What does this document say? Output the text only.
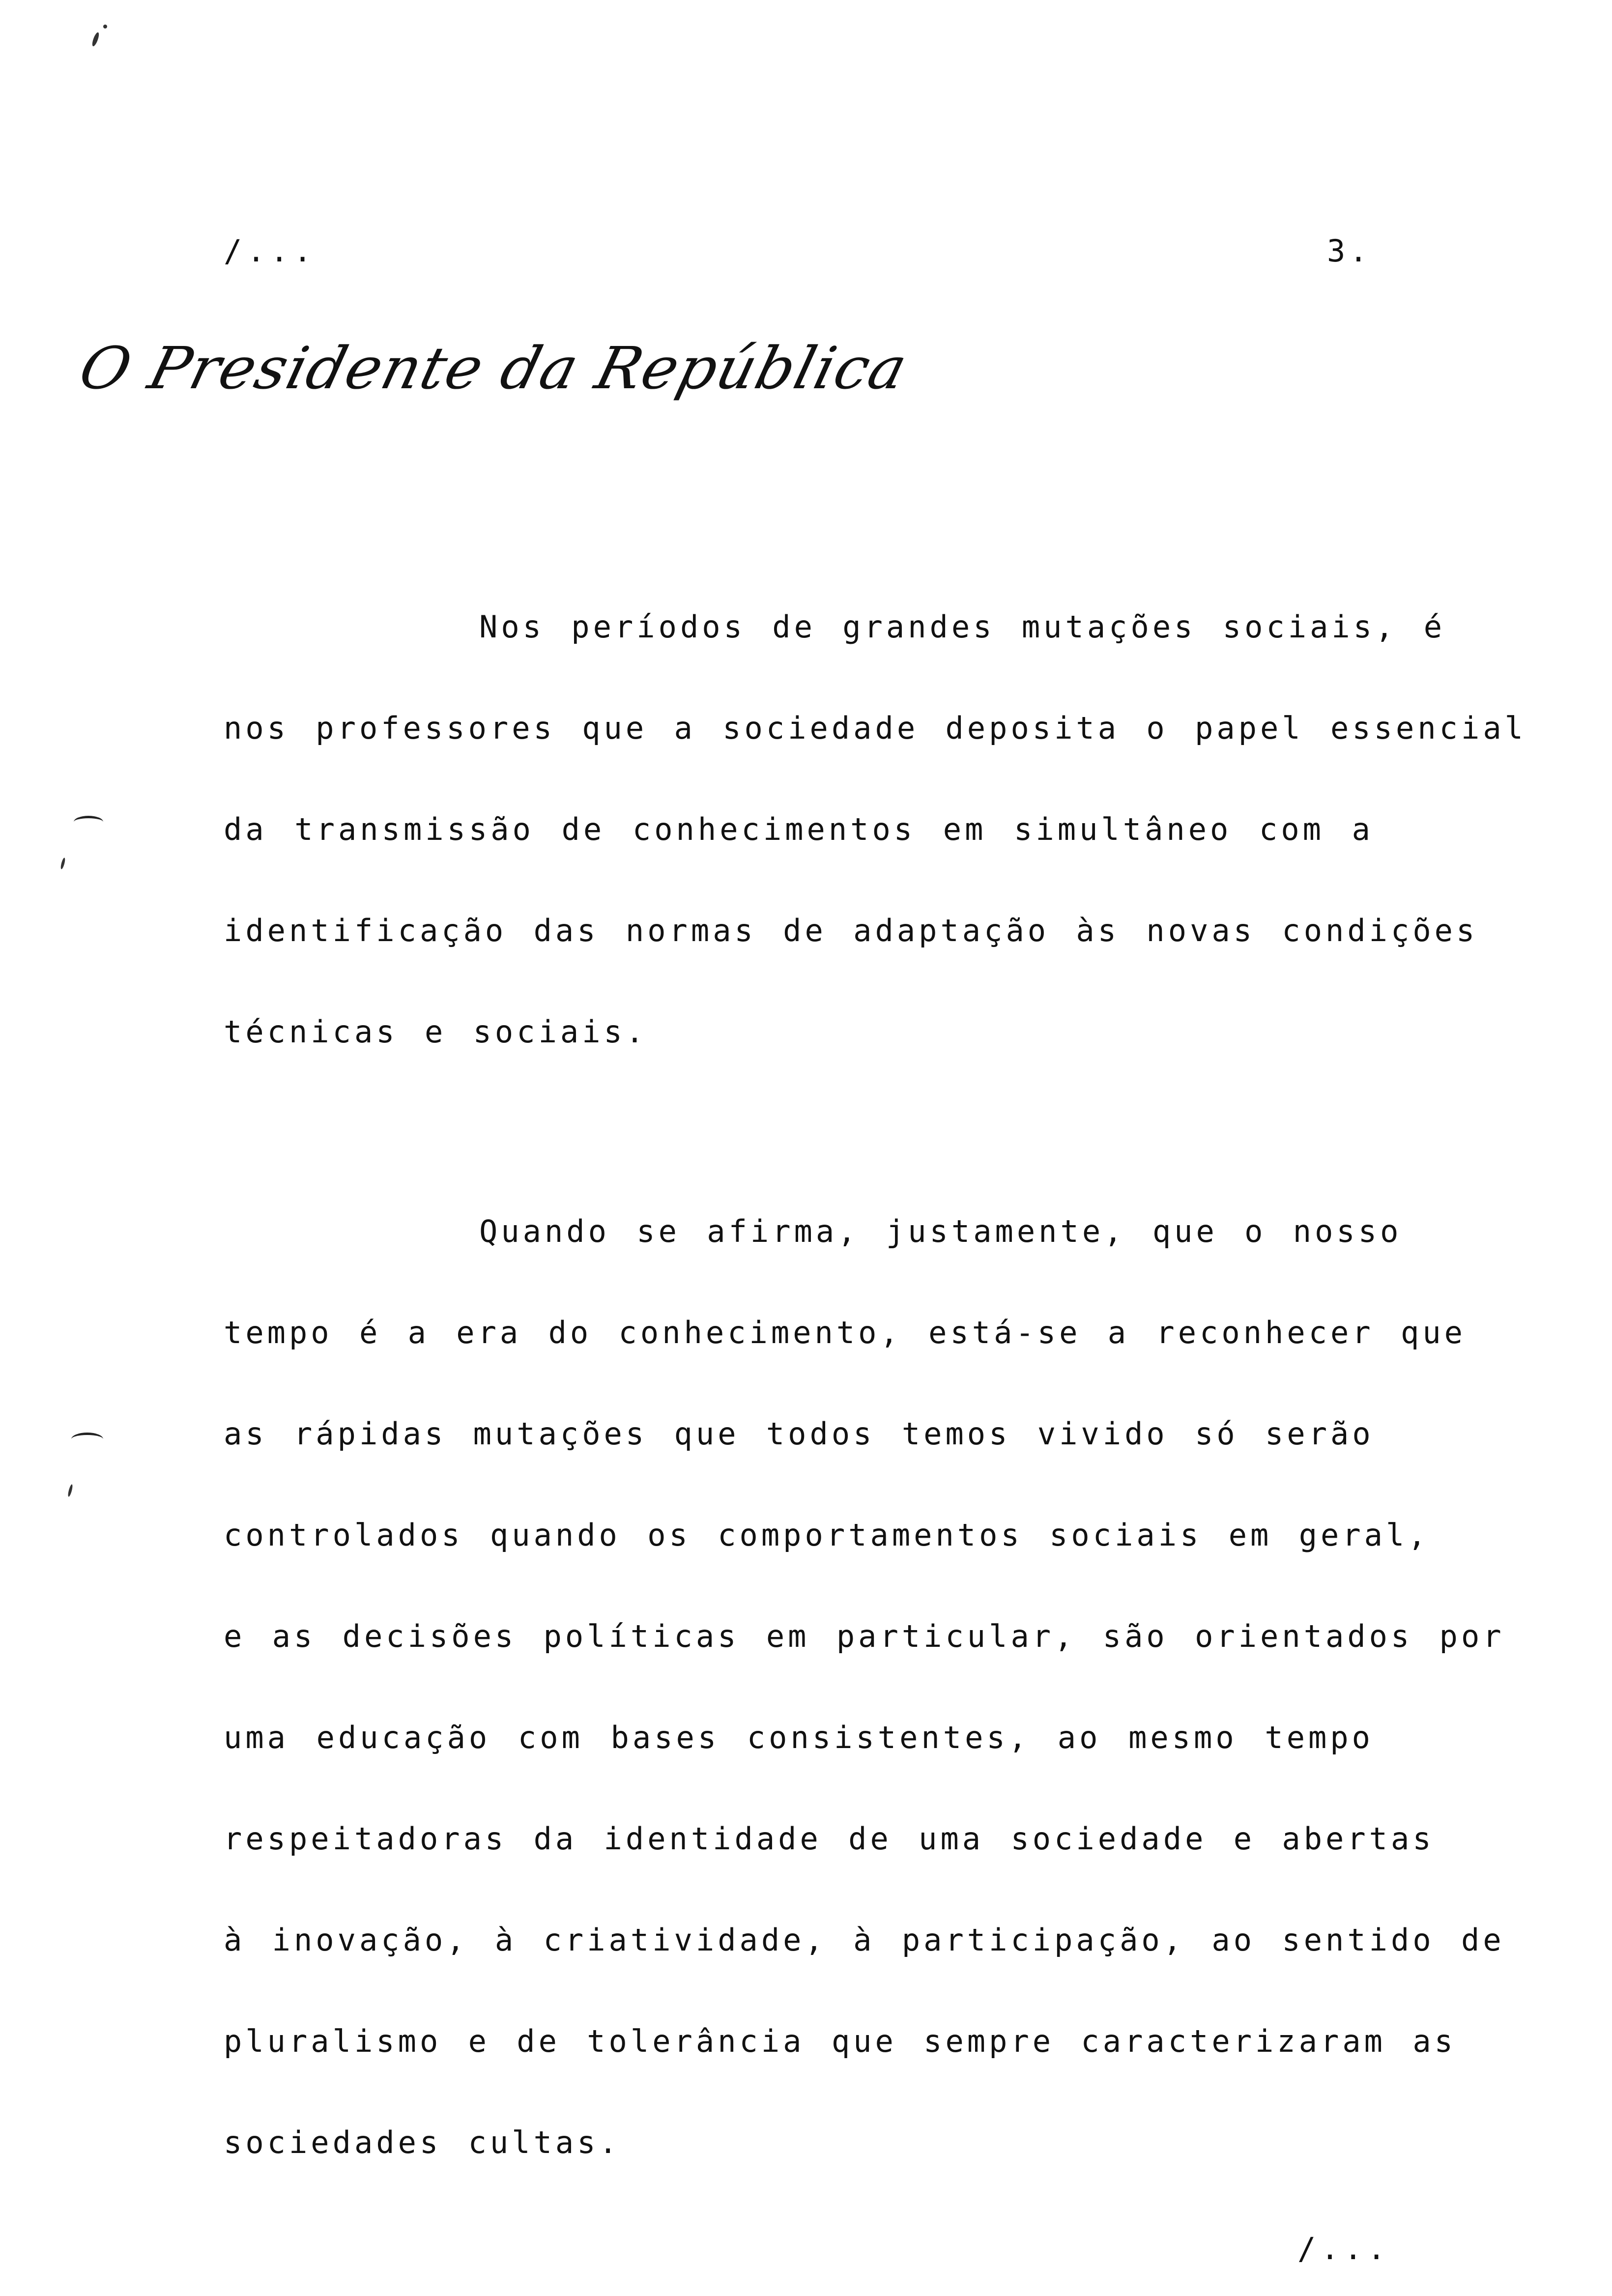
/...	3.
O Presidente da República
Nos períodos de grandes mutações sociais, é
nos professores que a sociedade deposita o papel essencial
da transmissão de conhecimentos em simultâneo com a
identificação das normas de adaptação às novas condições
técnicas e sociais.
Quando se afirma, justamente, que o nosso
tempo é a era do conhecimento, está-se a reconhecer que
as rápidas mutações que todos temos vivido só serão
controlados quando os comportamentos sociais em geral,
e as decisões políticas em particular, são orientados por
uma educação com bases consistentes, ao mesmo tempo
respeitadoras da identidade de uma sociedade e abertas
à inovação, à criatividade, à participação, ao sentido de
pluralismo e de tolerância que sempre caracterizaram as
sociedades cultas.
/...
